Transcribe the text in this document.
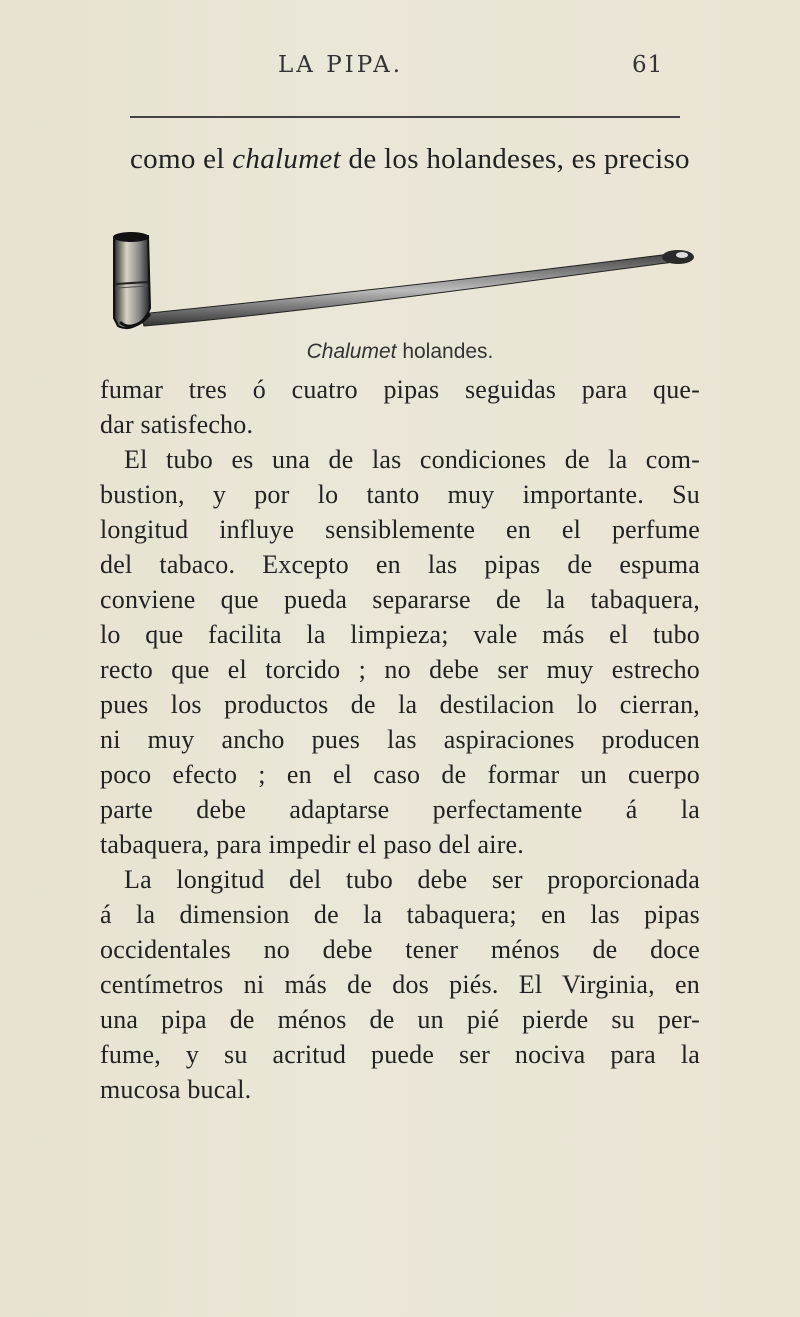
LA PIPA.	61
como el chalumet de los holandeses, es preciso
Chalumet holandes.
fumar tres ó cuatro pipas seguidas para que-
dar satisfecho.
El tubo es una de las condiciones de la com-
bustion, y por lo tanto muy importante. Su
longitud influye sensiblemente en el perfume
del tabaco. Excepto en las pipas de espuma
conviene que pueda separarse de la tabaquera,
lo que facilita la limpieza; vale más el tubo
recto que el torcido ; no debe ser muy estrecho
pues los productos de la destilacion lo cierran,
ni muy ancho pues las aspiraciones producen
poco efecto ; en el caso de formar un cuerpo
parte debe adaptarse perfectamente á la
tabaquera, para impedir el paso del aire.
La longitud del tubo debe ser proporcionada
á la dimension de la tabaquera; en las pipas
occidentales no debe tener ménos de doce
centímetros ni más de dos piés. El Virginia, en
una pipa de ménos de un pié pierde su per-
fume, y su acritud puede ser nociva para la
mucosa bucal.
